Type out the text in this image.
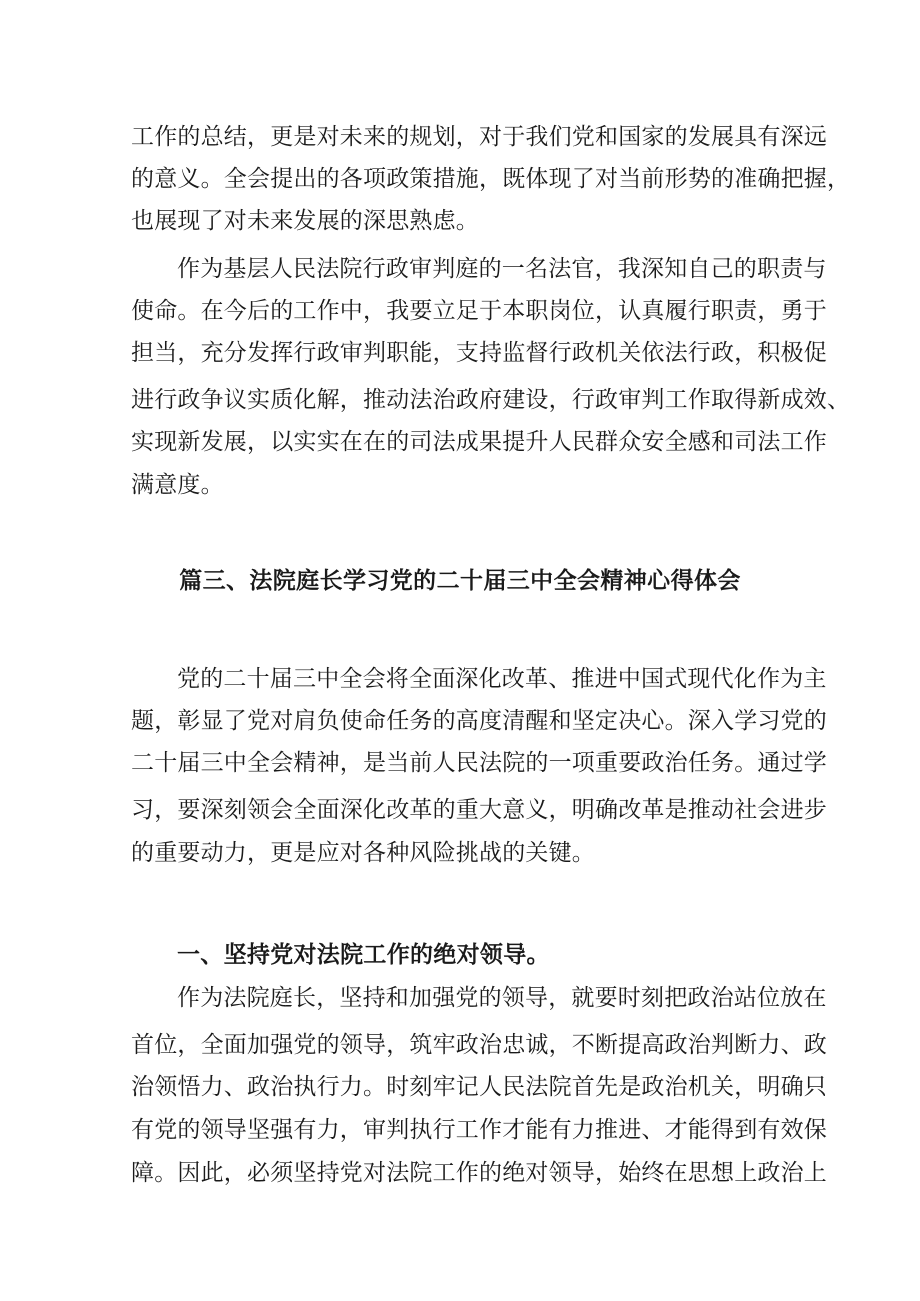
工作的总结，更是对未来的规划，对于我们党和国家的发展具有深远

的意义。全会提出的各项政策措施，既体现了对当前形势的准确把握，

也展现了对未来发展的深思熟虑。

作为基层人民法院行政审判庭的一名法官，我深知自己的职责与

使命。在今后的工作中，我要立足于本职岗位，认真履行职责，勇于

担当，充分发挥行政审判职能，支持监督行政机关依法行政，积极促

进行政争议实质化解，推动法治政府建设，行政审判工作取得新成效、

实现新发展，以实实在在的司法成果提升人民群众安全感和司法工作

满意度。

篇三、法院庭长学习党的二十届三中全会精神心得体会

党的二十届三中全会将全面深化改革、推进中国式现代化作为主

题，彰显了党对肩负使命任务的高度清醒和坚定决心。深入学习党的

二十届三中全会精神，是当前人民法院的一项重要政治任务。通过学

习，要深刻领会全面深化改革的重大意义，明确改革是推动社会进步

的重要动力，更是应对各种风险挑战的关键。

一、坚持党对法院工作的绝对领导。

作为法院庭长，坚持和加强党的领导，就要时刻把政治站位放在

首位，全面加强党的领导，筑牢政治忠诚，不断提高政治判断力、政

治领悟力、政治执行力。时刻牢记人民法院首先是政治机关，明确只

有党的领导坚强有力，审判执行工作才能有力推进、才能得到有效保

障。因此，必须坚持党对法院工作的绝对领导，始终在思想上政治上
